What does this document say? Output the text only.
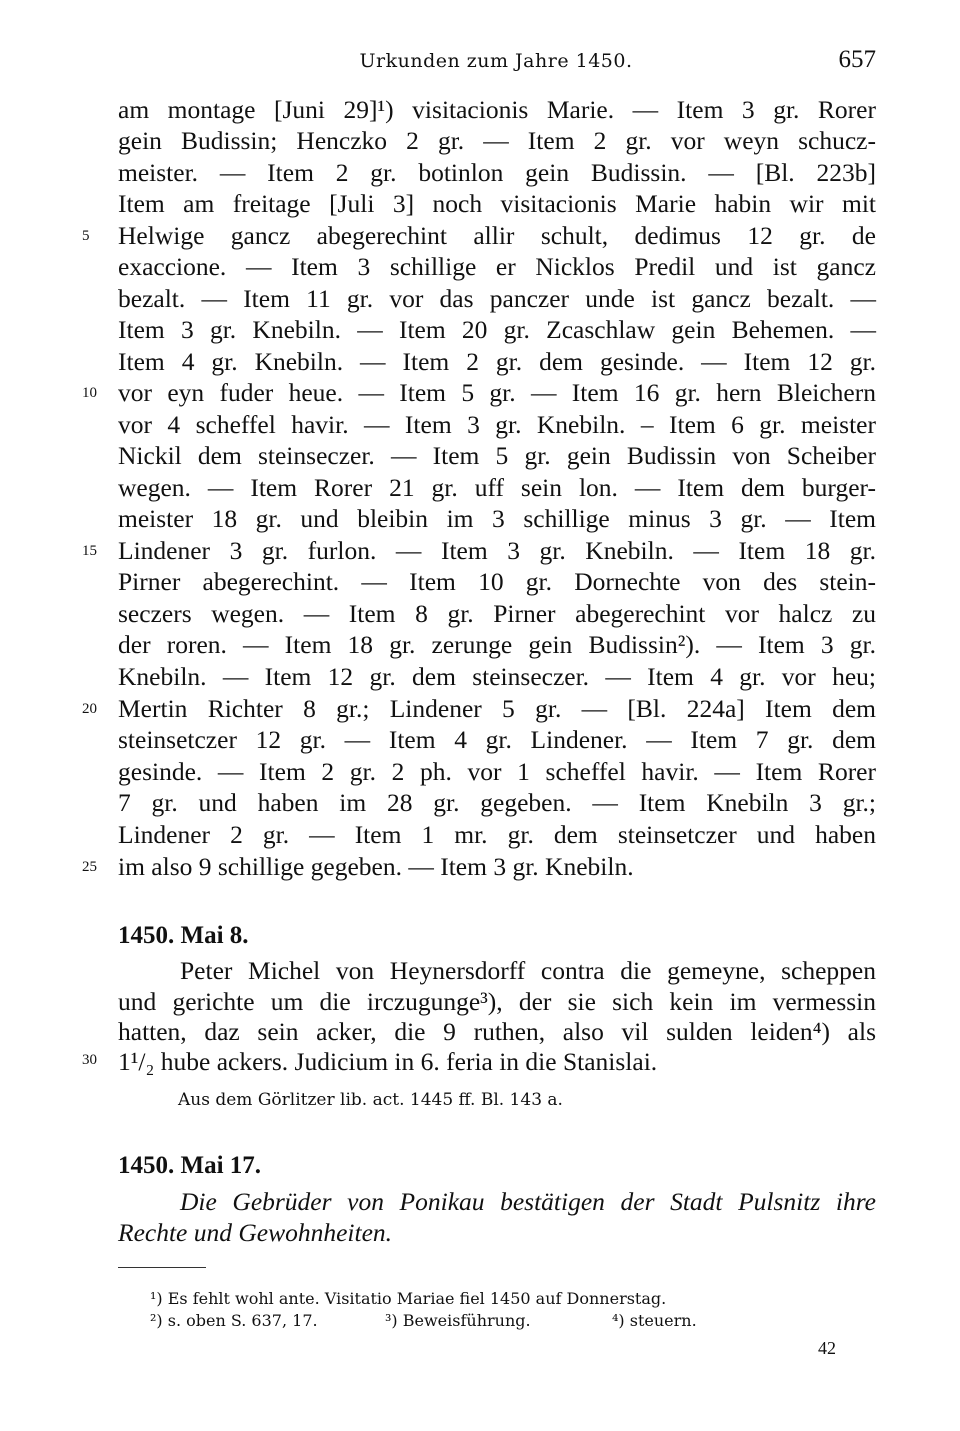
Urkunden zum Jahre 1450.	657
5
10
15
20
25
30
am montage [Juni 29]¹) visitacionis Marie. — Item 3 gr. Rorer
gein Budissin; Henczko 2 gr. — Item 2 gr. vor weyn schucz-
meister. — Item 2 gr. botinlon gein Budissin. — [Bl. 223b]
Item am freitage [Juli 3] noch visitacionis Marie habin wir mit
Helwige gancz abegerechint allir schult, dedimus 12 gr. de
exaccione. — Item 3 schillige er Nicklos Predil und ist gancz
bezalt. — Item 11 gr. vor das panczer unde ist gancz bezalt. —
Item 3 gr. Knebiln. — Item 20 gr. Zcaschlaw gein Behemen. —
Item 4 gr. Knebiln. — Item 2 gr. dem gesinde. — Item 12 gr.
vor eyn fuder heue. — Item 5 gr. — Item 16 gr. hern Bleichern
vor 4 scheffel havir. — Item 3 gr. Knebiln. – Item 6 gr. meister
Nickil dem steinseczer. — Item 5 gr. gein Budissin von Scheiber
wegen. — Item Rorer 21 gr. uff sein lon. — Item dem burger-
meister 18 gr. und bleibin im 3 schillige minus 3 gr. — Item
Lindener 3 gr. furlon. — Item 3 gr. Knebiln. — Item 18 gr.
Pirner abegerechint. — Item 10 gr. Dornechte von des stein-
seczers wegen. — Item 8 gr. Pirner abegerechint vor halcz zu
der roren. — Item 18 gr. zerunge gein Budissin²). — Item 3 gr.
Knebiln. — Item 12 gr. dem steinseczer. — Item 4 gr. vor heu;
Mertin Richter 8 gr.; Lindener 5 gr. — [Bl. 224a] Item dem
steinsetczer 12 gr. — Item 4 gr. Lindener. — Item 7 gr. dem
gesinde. — Item 2 gr. 2 ph. vor 1 scheffel havir. — Item Rorer
7 gr. und haben im 28 gr. gegeben. — Item Knebiln 3 gr.;
Lindener 2 gr. — Item 1 mr. gr. dem steinsetczer und haben
im also 9 schillige gegeben. — Item 3 gr. Knebiln.
1450. Mai 8.
Peter Michel von Heynersdorff contra die gemeyne, scheppen
und gerichte um die irczugunge³), der sie sich kein im vermessin
hatten, daz sein acker, die 9 ruthen, also vil sulden leiden⁴) als
1¹/₂ hube ackers. Judicium in 6. feria in die Stanislai.
Aus dem Görlitzer lib. act. 1445 ff. Bl. 143 a.
1450. Mai 17.
Die Gebrüder von Ponikau bestätigen der Stadt Pulsnitz ihre
Rechte und Gewohnheiten.
¹) Es fehlt wohl ante. Visitatio Mariae fiel 1450 auf Donnerstag.
²) s. oben S. 637, 17.	³) Beweisführung.	⁴) steuern.
42
